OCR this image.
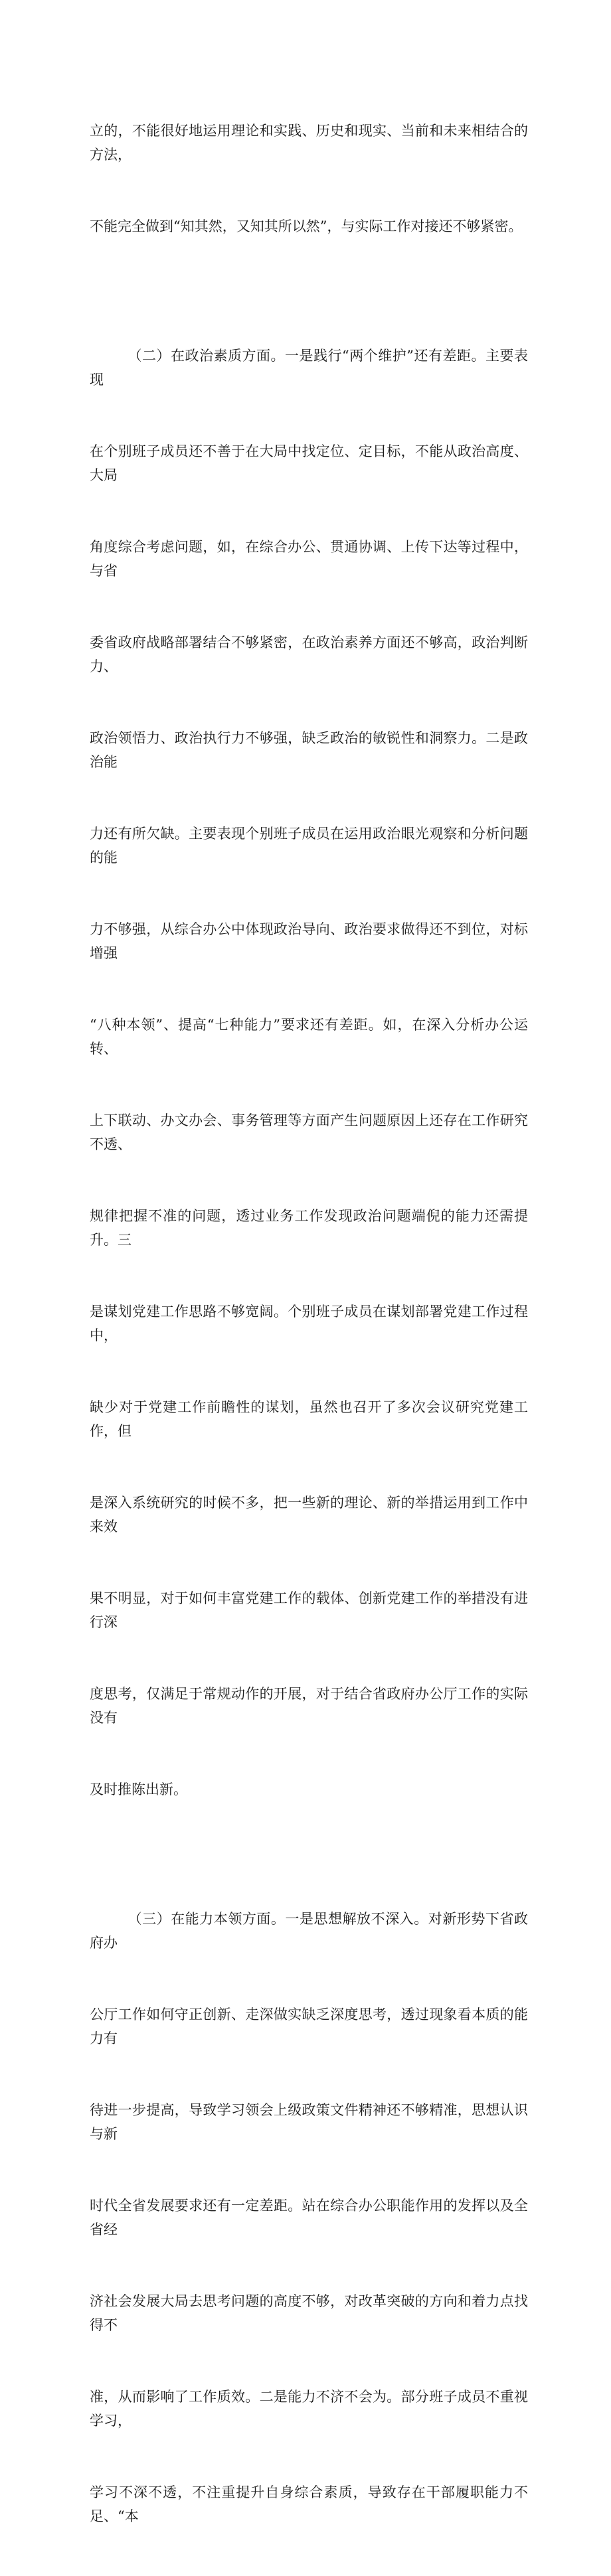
立的，不能很好地运用理论和实践、历史和现实、当前和未来相结合的方法，

不能完全做到“知其然，又知其所以然”，与实际工作对接还不够紧密。

（二）在政治素质方面。一是践行“两个维护”还有差距。主要表现

在个别班子成员还不善于在大局中找定位、定目标，不能从政治高度、大局

角度综合考虑问题，如，在综合办公、贯通协调、上传下达等过程中，与省

委省政府战略部署结合不够紧密，在政治素养方面还不够高，政治判断力、

政治领悟力、政治执行力不够强，缺乏政治的敏锐性和洞察力。二是政治能

力还有所欠缺。主要表现个别班子成员在运用政治眼光观察和分析问题的能

力不够强，从综合办公中体现政治导向、政治要求做得还不到位，对标增强

“八种本领”、提高“七种能力”要求还有差距。如，在深入分析办公运转、

上下联动、办文办会、事务管理等方面产生问题原因上还存在工作研究不透、

规律把握不准的问题，透过业务工作发现政治问题端倪的能力还需提升。三

是谋划党建工作思路不够宽阔。个别班子成员在谋划部署党建工作过程中，

缺少对于党建工作前瞻性的谋划，虽然也召开了多次会议研究党建工作，但

是深入系统研究的时候不多，把一些新的理论、新的举措运用到工作中来效

果不明显，对于如何丰富党建工作的载体、创新党建工作的举措没有进行深

度思考，仅满足于常规动作的开展，对于结合省政府办公厅工作的实际没有

及时推陈出新。

（三）在能力本领方面。一是思想解放不深入。对新形势下省政府办

公厅工作如何守正创新、走深做实缺乏深度思考，透过现象看本质的能力有

待进一步提高，导致学习领会上级政策文件精神还不够精准，思想认识与新

时代全省发展要求还有一定差距。站在综合办公职能作用的发挥以及全省经

济社会发展大局去思考问题的高度不够，对改革突破的方向和着力点找得不

准，从而影响了工作质效。二是能力不济不会为。部分班子成员不重视学习，

学习不深不透，不注重提升自身综合素质，导致存在干部履职能力不足、“本
